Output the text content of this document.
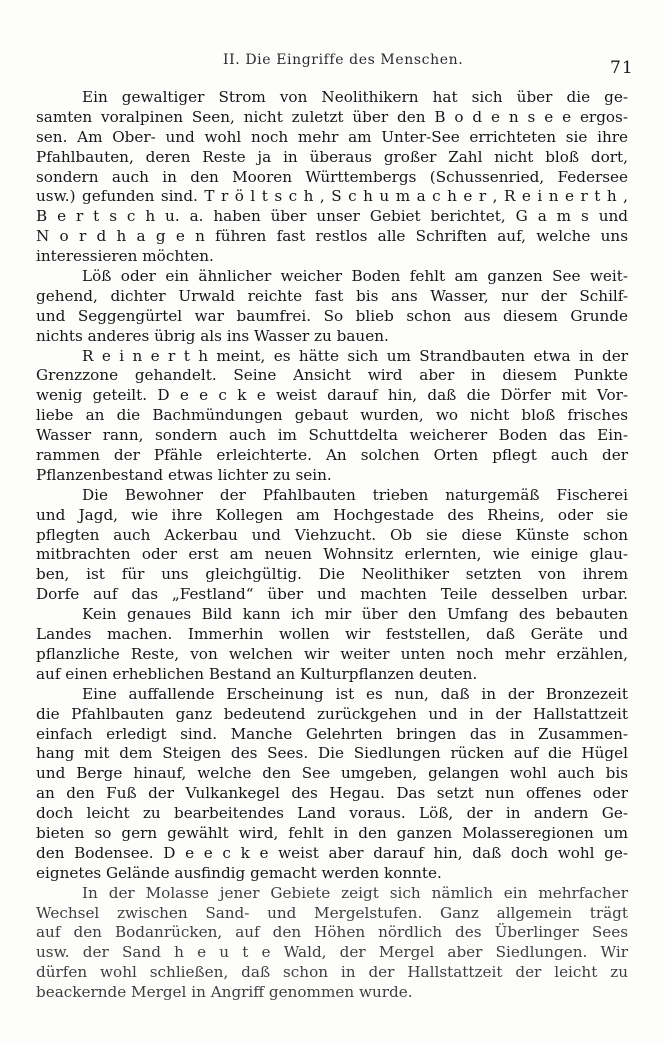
II. Die Eingriffe des Menschen.	71
Ein gewaltiger Strom von Neolithikern hat sich über die ge-
samten voralpinen Seen, nicht zuletzt über den B o d e n s e e ergos-
sen. Am Ober- und wohl noch mehr am Unter-See errichteten sie ihre
Pfahlbauten, deren Reste ja in überaus großer Zahl nicht bloß dort,
sondern auch in den Mooren Württembergs (Schussenried, Federsee
usw.) gefunden sind. T r ö l t s c h , S c h u m a c h e r , R e i n e r t h ,
B e r t s c h u. a. haben über unser Gebiet berichtet, G a m s und
N o r d h a g e n führen fast restlos alle Schriften auf, welche uns
interessieren möchten.
Löß oder ein ähnlicher weicher Boden fehlt am ganzen See weit-
gehend, dichter Urwald reichte fast bis ans Wasser, nur der Schilf-
und Seggengürtel war baumfrei. So blieb schon aus diesem Grunde
nichts anderes übrig als ins Wasser zu bauen.
R e i n e r t h meint, es hätte sich um Strandbauten etwa in der
Grenzzone gehandelt. Seine Ansicht wird aber in diesem Punkte
wenig geteilt. D e e c k e weist darauf hin, daß die Dörfer mit Vor-
liebe an die Bachmündungen gebaut wurden, wo nicht bloß frisches
Wasser rann, sondern auch im Schuttdelta weicherer Boden das Ein-
rammen der Pfähle erleichterte. An solchen Orten pflegt auch der
Pflanzenbestand etwas lichter zu sein.
Die Bewohner der Pfahlbauten trieben naturgemäß Fischerei
und Jagd, wie ihre Kollegen am Hochgestade des Rheins, oder sie
pflegten auch Ackerbau und Viehzucht. Ob sie diese Künste schon
mitbrachten oder erst am neuen Wohnsitz erlernten, wie einige glau-
ben, ist für uns gleichgültig. Die Neolithiker setzten von ihrem
Dorfe auf das „Festland“ über und machten Teile desselben urbar.
Kein genaues Bild kann ich mir über den Umfang des bebauten
Landes machen. Immerhin wollen wir feststellen, daß Geräte und
pflanzliche Reste, von welchen wir weiter unten noch mehr erzählen,
auf einen erheblichen Bestand an Kulturpflanzen deuten.
Eine auffallende Erscheinung ist es nun, daß in der Bronzezeit
die Pfahlbauten ganz bedeutend zurückgehen und in der Hallstattzeit
einfach erledigt sind. Manche Gelehrten bringen das in Zusammen-
hang mit dem Steigen des Sees. Die Siedlungen rücken auf die Hügel
und Berge hinauf, welche den See umgeben, gelangen wohl auch bis
an den Fuß der Vulkankegel des Hegau. Das setzt nun offenes oder
doch leicht zu bearbeitendes Land voraus. Löß, der in andern Ge-
bieten so gern gewählt wird, fehlt in den ganzen Molasseregionen um
den Bodensee. D e e c k e weist aber darauf hin, daß doch wohl ge-
eignetes Gelände ausfindig gemacht werden konnte.
In der Molasse jener Gebiete zeigt sich nämlich ein mehrfacher
Wechsel zwischen Sand- und Mergelstufen. Ganz allgemein trägt
auf den Bodanrücken, auf den Höhen nördlich des Überlinger Sees
usw. der Sand h e u t e Wald, der Mergel aber Siedlungen. Wir
dürfen wohl schließen, daß schon in der Hallstattzeit der leicht zu
beackernde Mergel in Angriff genommen wurde.
